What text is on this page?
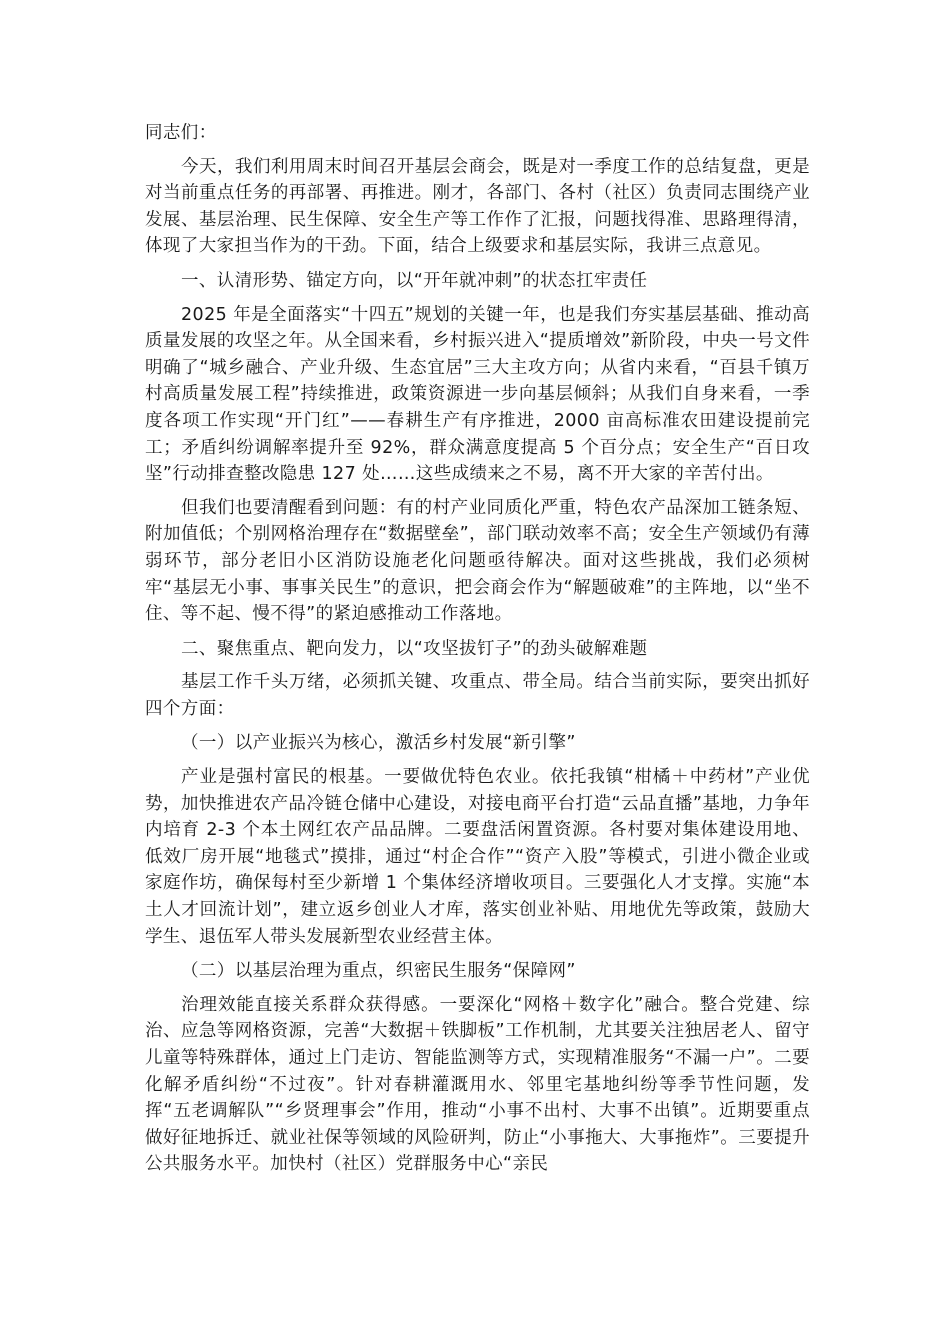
同志们：

今天，我们利用周末时间召开基层会商会，既是对一季度工作的总结复盘，更是对当前重点任务的再部署、再推进。刚才，各部门、各村（社区）负责同志围绕产业发展、基层治理、民生保障、安全生产等工作作了汇报，问题找得准、思路理得清，体现了大家担当作为的干劲。下面，结合上级要求和基层实际，我讲三点意见。

一、认清形势、锚定方向，以“开年就冲刺”的状态扛牢责任

2025 年是全面落实“十四五”规划的关键一年，也是我们夯实基层基础、推动高质量发展的攻坚之年。从全国来看，乡村振兴进入“提质增效”新阶段，中央一号文件明确了“城乡融合、产业升级、生态宜居”三大主攻方向；从省内来看，“百县千镇万村高质量发展工程”持续推进，政策资源进一步向基层倾斜；从我们自身来看，一季度各项工作实现“开门红”——春耕生产有序推进，2000 亩高标准农田建设提前完工；矛盾纠纷调解率提升至 92%，群众满意度提高 5 个百分点；安全生产“百日攻坚”行动排查整改隐患 127 处……这些成绩来之不易，离不开大家的辛苦付出。

但我们也要清醒看到问题：有的村产业同质化严重，特色农产品深加工链条短、附加值低；个别网格治理存在“数据壁垒”，部门联动效率不高；安全生产领域仍有薄弱环节，部分老旧小区消防设施老化问题亟待解决。面对这些挑战，我们必须树牢“基层无小事、事事关民生”的意识，把会商会作为“解题破难”的主阵地，以“坐不住、等不起、慢不得”的紧迫感推动工作落地。

二、聚焦重点、靶向发力，以“攻坚拔钉子”的劲头破解难题

基层工作千头万绪，必须抓关键、攻重点、带全局。结合当前实际，要突出抓好四个方面：

（一）以产业振兴为核心，激活乡村发展“新引擎”

产业是强村富民的根基。一要做优特色农业。依托我镇“柑橘＋中药材”产业优势，加快推进农产品冷链仓储中心建设，对接电商平台打造“云品直播”基地，力争年内培育 2-3 个本土网红农产品品牌。二要盘活闲置资源。各村要对集体建设用地、低效厂房开展“地毯式”摸排，通过“村企合作”“资产入股”等模式，引进小微企业或家庭作坊，确保每村至少新增 1 个集体经济增收项目。三要强化人才支撑。实施“本土人才回流计划”，建立返乡创业人才库，落实创业补贴、用地优先等政策，鼓励大学生、退伍军人带头发展新型农业经营主体。

（二）以基层治理为重点，织密民生服务“保障网”

治理效能直接关系群众获得感。一要深化“网格＋数字化”融合。整合党建、综治、应急等网格资源，完善“大数据＋铁脚板”工作机制，尤其要关注独居老人、留守儿童等特殊群体，通过上门走访、智能监测等方式，实现精准服务“不漏一户”。二要化解矛盾纠纷“不过夜”。针对春耕灌溉用水、邻里宅基地纠纷等季节性问题，发挥“五老调解队”“乡贤理事会”作用，推动“小事不出村、大事不出镇”。近期要重点做好征地拆迁、就业社保等领域的风险研判，防止“小事拖大、大事拖炸”。三要提升公共服务水平。加快村（社区）党群服务中心“亲民
